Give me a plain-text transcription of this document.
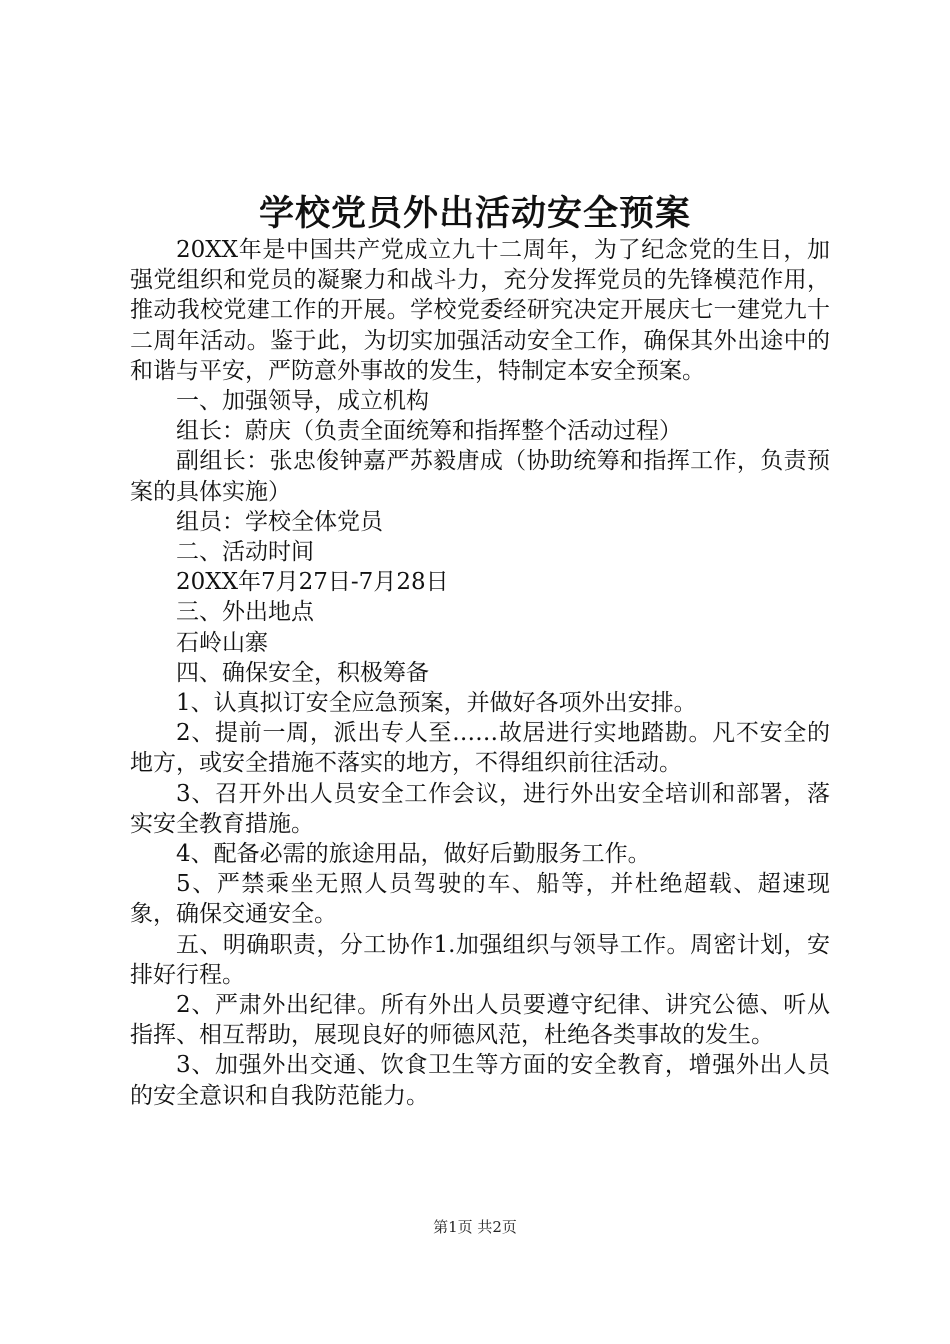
学校党员外出活动安全预案

20XX年是中国共产党成立九十二周年，为了纪念党的生日，加强党组织和党员的凝聚力和战斗力，充分发挥党员的先锋模范作用，推动我校党建工作的开展。学校党委经研究决定开展庆七一建党九十二周年活动。鉴于此，为切实加强活动安全工作，确保其外出途中的和谐与平安，严防意外事故的发生，特制定本安全预案。

一、加强领导，成立机构

组长：蔚庆（负责全面统筹和指挥整个活动过程）

副组长：张忠俊钟嘉严苏毅唐成（协助统筹和指挥工作，负责预案的具体实施）

组员：学校全体党员

二、活动时间

20XX年7月27日-7月28日

三、外出地点

石岭山寨

四、确保安全，积极筹备

1、认真拟订安全应急预案，并做好各项外出安排。

2、提前一周，派出专人至……故居进行实地踏勘。凡不安全的地方，或安全措施不落实的地方，不得组织前往活动。

3、召开外出人员安全工作会议，进行外出安全培训和部署，落实安全教育措施。

4、配备必需的旅途用品，做好后勤服务工作。

5、严禁乘坐无照人员驾驶的车、船等，并杜绝超载、超速现象，确保交通安全。

五、明确职责，分工协作1.加强组织与领导工作。周密计划，安排好行程。

2、严肃外出纪律。所有外出人员要遵守纪律、讲究公德、听从指挥、相互帮助，展现良好的师德风范，杜绝各类事故的发生。

3、加强外出交通、饮食卫生等方面的安全教育，增强外出人员的安全意识和自我防范能力。

第1页 共2页
